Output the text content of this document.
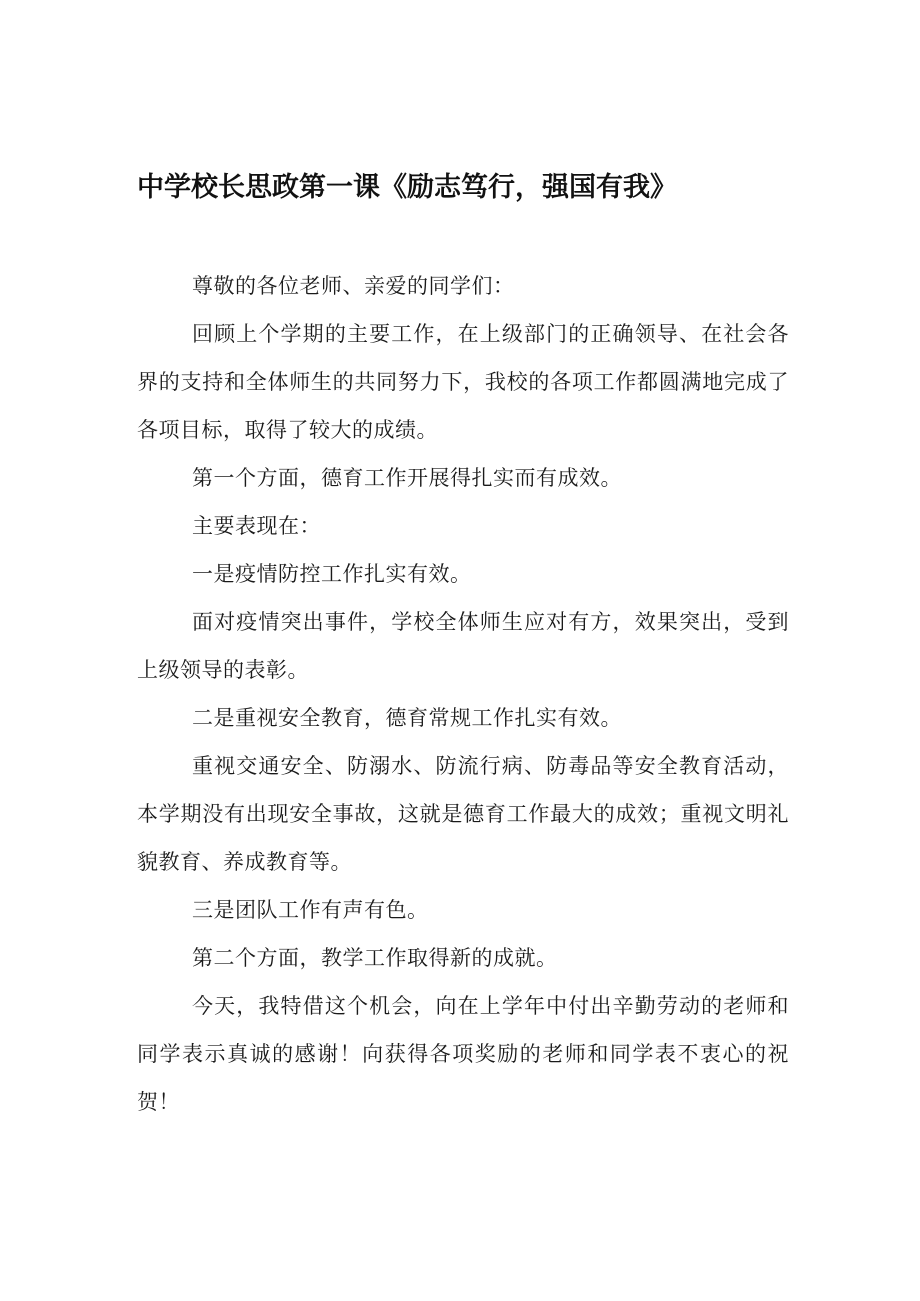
中学校长思政第一课《励志笃行，强国有我》

尊敬的各位老师、亲爱的同学们：

回顾上个学期的主要工作，在上级部门的正确领导、在社会各界的支持和全体师生的共同努力下，我校的各项工作都圆满地完成了各项目标，取得了较大的成绩。

第一个方面，德育工作开展得扎实而有成效。

主要表现在：

一是疫情防控工作扎实有效。

面对疫情突出事件，学校全体师生应对有方，效果突出，受到上级领导的表彰。

二是重视安全教育，德育常规工作扎实有效。

重视交通安全、防溺水、防流行病、防毒品等安全教育活动，本学期没有出现安全事故，这就是德育工作最大的成效；重视文明礼貌教育、养成教育等。

三是团队工作有声有色。

第二个方面，教学工作取得新的成就。

今天，我特借这个机会，向在上学年中付出辛勤劳动的老师和同学表示真诚的感谢！向获得各项奖励的老师和同学表不衷心的祝贺！
